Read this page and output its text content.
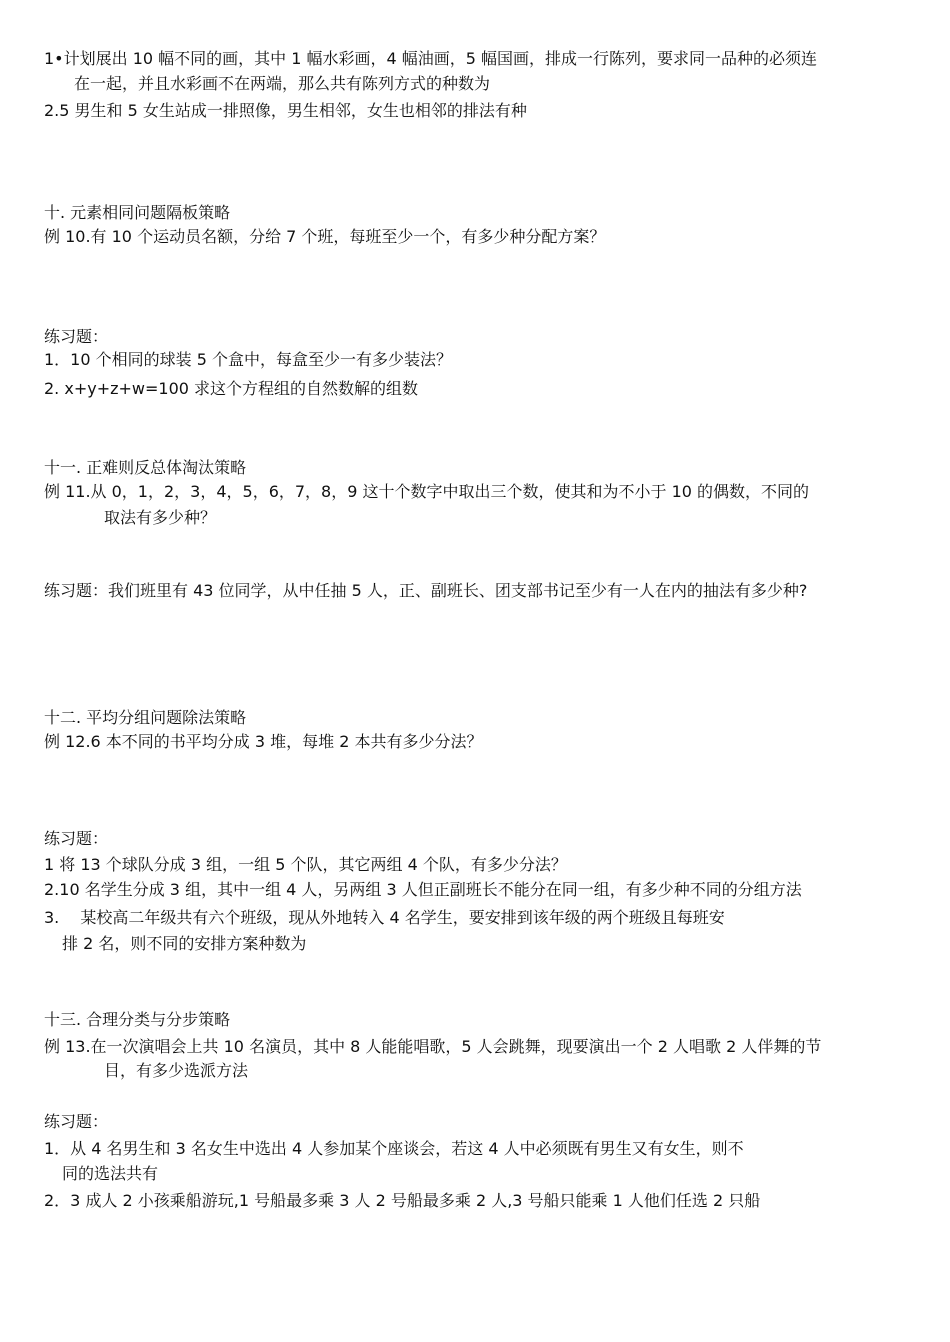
1•计划展出 10 幅不同的画，其中 1 幅水彩画，4 幅油画，5 幅国画，排成一行陈列，要求同一品种的必须连
在一起，并且水彩画不在两端，那么共有陈列方式的种数为
2.5 男生和 5 女生站成一排照像，男生相邻，女生也相邻的排法有种
十. 元素相同问题隔板策略
例 10.有 10 个运动员名额，分给 7 个班，每班至少一个，有多少种分配方案？
练习题：
1．10 个相同的球装 5 个盒中，每盒至少一有多少装法？
2. x+y+z+w=100 求这个方程组的自然数解的组数
十一. 正难则反总体淘汰策略
例 11.从 0，1，2，3，4，5，6，7，8，9 这十个数字中取出三个数，使其和为不小于 10 的偶数，不同的
取法有多少种？
练习题：我们班里有 43 位同学，从中任抽 5 人，正、副班长、团支部书记至少有一人在内的抽法有多少种?
十二. 平均分组问题除法策略
例 12.6 本不同的书平均分成 3 堆，每堆 2 本共有多少分法？
练习题：
1 将 13 个球队分成 3 组，一组 5 个队，其它两组 4 个队，有多少分法？
2.10 名学生分成 3 组，其中一组 4 人，另两组 3 人但正副班长不能分在同一组，有多少种不同的分组方法
3.　 某校高二年级共有六个班级，现从外地转入 4 名学生，要安排到该年级的两个班级且每班安
排 2 名，则不同的安排方案种数为
十三. 合理分类与分步策略
例 13.在一次演唱会上共 10 名演员，其中 8 人能能唱歌，5 人会跳舞，现要演出一个 2 人唱歌 2 人伴舞的节
目，有多少选派方法
练习题：
1．从 4 名男生和 3 名女生中选出 4 人参加某个座谈会，若这 4 人中必须既有男生又有女生，则不
同的选法共有
2．3 成人 2 小孩乘船游玩,1 号船最多乘 3 人 2 号船最多乘 2 人,3 号船只能乘 1 人他们任选 2 只船
